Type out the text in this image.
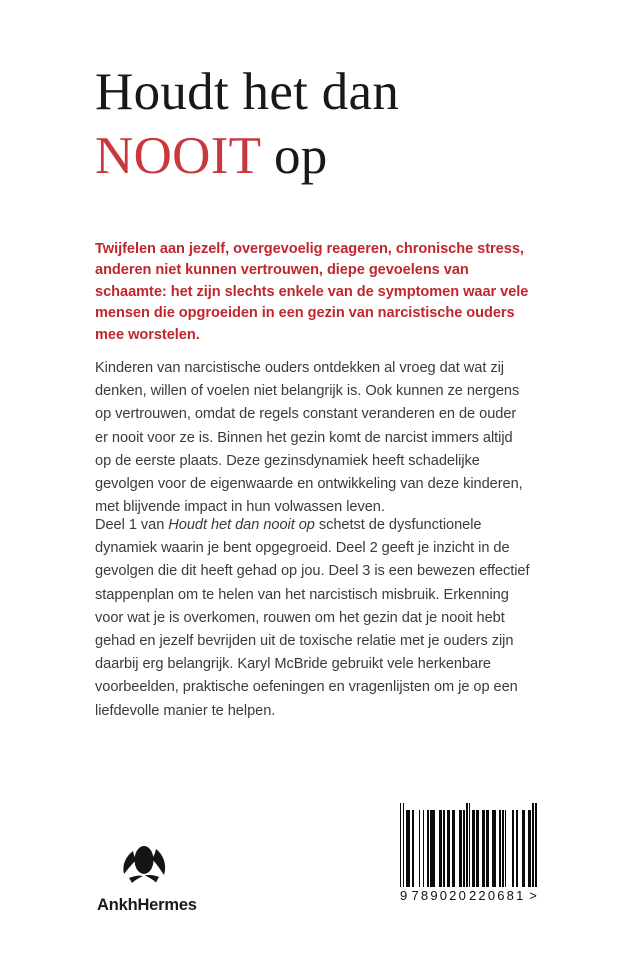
Houdt het dan
NOOIT op
Twijfelen aan jezelf, overgevoelig reageren, chronische stress, anderen niet kunnen vertrouwen, diepe gevoelens van schaamte: het zijn slechts enkele van de symptomen waar vele mensen die opgroeiden in een gezin van narcistische ouders mee worstelen.
Kinderen van narcistische ouders ontdekken al vroeg dat wat zij denken, willen of voelen niet belangrijk is. Ook kunnen ze nergens op vertrouwen, omdat de regels constant veranderen en de ouder er nooit voor ze is. Binnen het gezin komt de narcist immers altijd op de eerste plaats. Deze gezinsdynamiek heeft schadelijke gevolgen voor de eigenwaarde en ontwikkeling van deze kinderen, met blijvende impact in hun volwassen leven.
Deel 1 van Houdt het dan nooit op schetst de dysfunctionele dynamiek waarin je bent opgegroeid. Deel 2 geeft je inzicht in de gevolgen die dit heeft gehad op jou. Deel 3 is een bewezen effectief stappenplan om te helen van het narcistisch misbruik. Erkenning voor wat je is overkomen, rouwen om het gezin dat je nooit hebt gehad en jezelf bevrijden uit de toxische relatie met je ouders zijn daarbij erg belangrijk. Karyl McBride gebruikt vele herkenbare voorbeelden, praktische oefeningen en vragenlijsten om je op een liefdevolle manier te helpen.
AnkhHermes
9 789020 220681 >
